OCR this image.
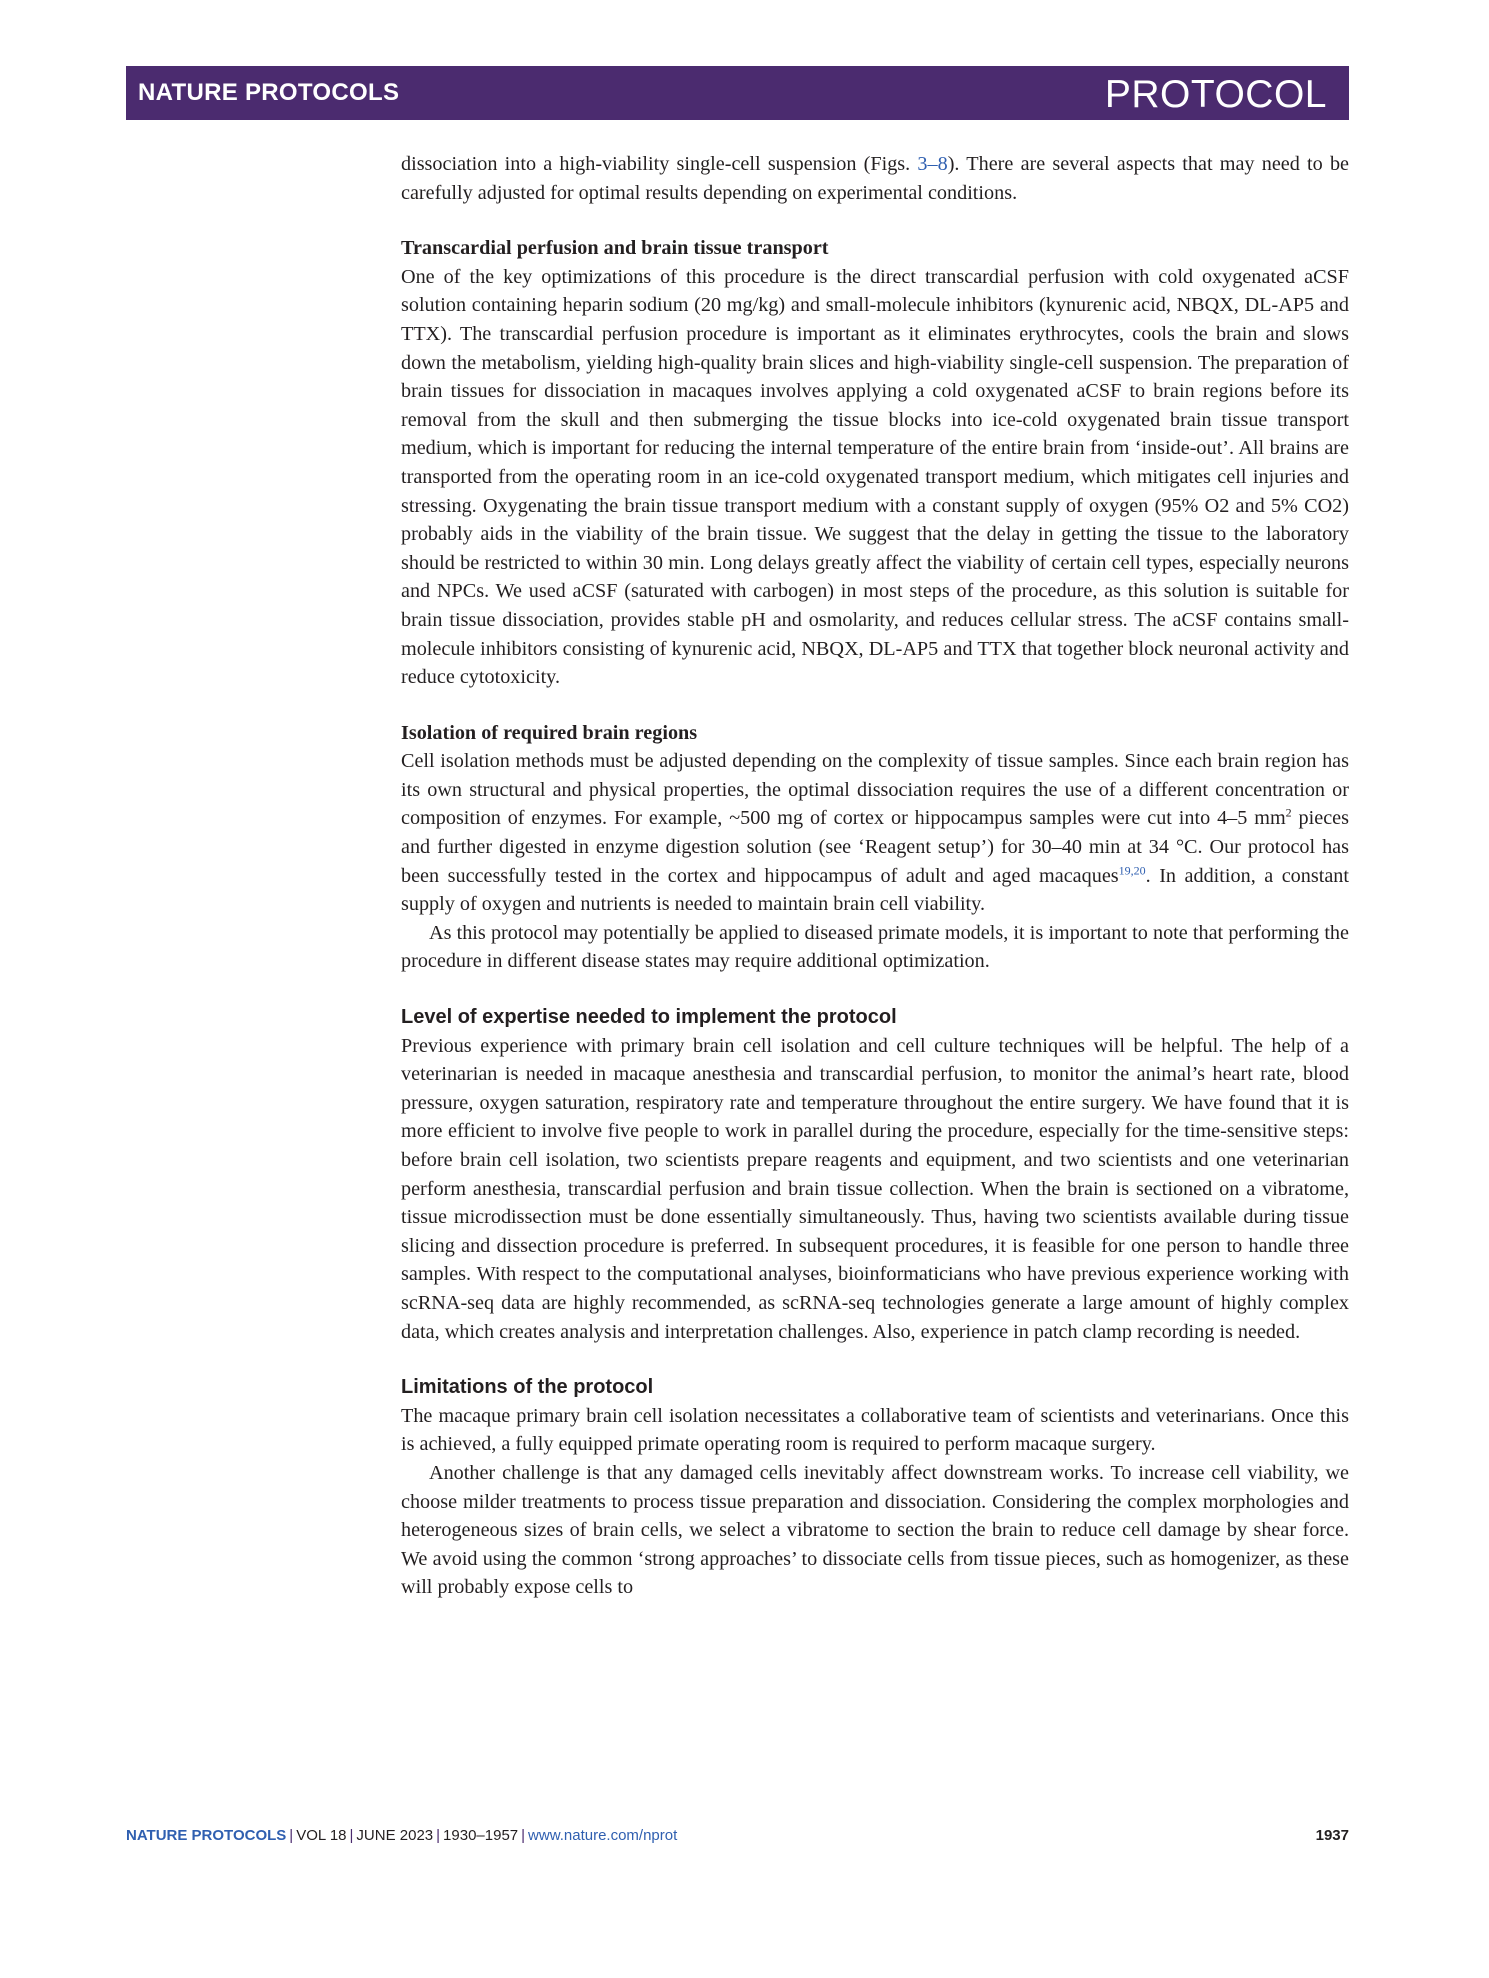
NATURE PROTOCOLS	PROTOCOL

dissociation into a high-viability single-cell suspension (Figs. 3–8). There are several aspects that may need to be carefully adjusted for optimal results depending on experimental conditions.

Transcardial perfusion and brain tissue transport

One of the key optimizations of this procedure is the direct transcardial perfusion with cold oxygenated aCSF solution containing heparin sodium (20 mg/kg) and small-molecule inhibitors (kynurenic acid, NBQX, DL-AP5 and TTX). The transcardial perfusion procedure is important as it eliminates erythrocytes, cools the brain and slows down the metabolism, yielding high-quality brain slices and high-viability single-cell suspension. The preparation of brain tissues for dissociation in macaques involves applying a cold oxygenated aCSF to brain regions before its removal from the skull and then submerging the tissue blocks into ice-cold oxygenated brain tissue transport medium, which is important for reducing the internal temperature of the entire brain from ‘inside-out’. All brains are transported from the operating room in an ice-cold oxygenated transport medium, which mitigates cell injuries and stressing. Oxygenating the brain tissue transport medium with a constant supply of oxygen (95% O2 and 5% CO2) probably aids in the viability of the brain tissue. We suggest that the delay in getting the tissue to the laboratory should be restricted to within 30 min. Long delays greatly affect the viability of certain cell types, especially neurons and NPCs. We used aCSF (saturated with carbogen) in most steps of the procedure, as this solution is suitable for brain tissue dissociation, provides stable pH and osmolarity, and reduces cellular stress. The aCSF contains small-molecule inhibitors consisting of kynurenic acid, NBQX, DL-AP5 and TTX that together block neuronal activity and reduce cytotoxicity.

Isolation of required brain regions

Cell isolation methods must be adjusted depending on the complexity of tissue samples. Since each brain region has its own structural and physical properties, the optimal dissociation requires the use of a different concentration or composition of enzymes. For example, ~500 mg of cortex or hippocampus samples were cut into 4–5 $mm^2$ pieces and further digested in enzyme digestion solution (see ‘Reagent setup’) for 30–40 min at 34 °C. Our protocol has been successfully tested in the cortex and hippocampus of adult and aged macaques$^{19,20}$. In addition, a constant supply of oxygen and nutrients is needed to maintain brain cell viability.

As this protocol may potentially be applied to diseased primate models, it is important to note that performing the procedure in different disease states may require additional optimization.

Level of expertise needed to implement the protocol

Previous experience with primary brain cell isolation and cell culture techniques will be helpful. The help of a veterinarian is needed in macaque anesthesia and transcardial perfusion, to monitor the animal’s heart rate, blood pressure, oxygen saturation, respiratory rate and temperature throughout the entire surgery. We have found that it is more efficient to involve five people to work in parallel during the procedure, especially for the time-sensitive steps: before brain cell isolation, two scientists prepare reagents and equipment, and two scientists and one veterinarian perform anesthesia, transcardial perfusion and brain tissue collection. When the brain is sectioned on a vibratome, tissue microdissection must be done essentially simultaneously. Thus, having two scientists available during tissue slicing and dissection procedure is preferred. In subsequent procedures, it is feasible for one person to handle three samples. With respect to the computational analyses, bioinformaticians who have previous experience working with scRNA-seq data are highly recommended, as scRNA-seq technologies generate a large amount of highly complex data, which creates analysis and interpretation challenges. Also, experience in patch clamp recording is needed.

Limitations of the protocol

The macaque primary brain cell isolation necessitates a collaborative team of scientists and veterinarians. Once this is achieved, a fully equipped primate operating room is required to perform macaque surgery.

Another challenge is that any damaged cells inevitably affect downstream works. To increase cell viability, we choose milder treatments to process tissue preparation and dissociation. Considering the complex morphologies and heterogeneous sizes of brain cells, we select a vibratome to section the brain to reduce cell damage by shear force. We avoid using the common ‘strong approaches’ to dissociate cells from tissue pieces, such as homogenizer, as these will probably expose cells to

NATURE PROTOCOLS | VOL 18 | JUNE 2023 | 1930–1957 | www.nature.com/nprot	1937
